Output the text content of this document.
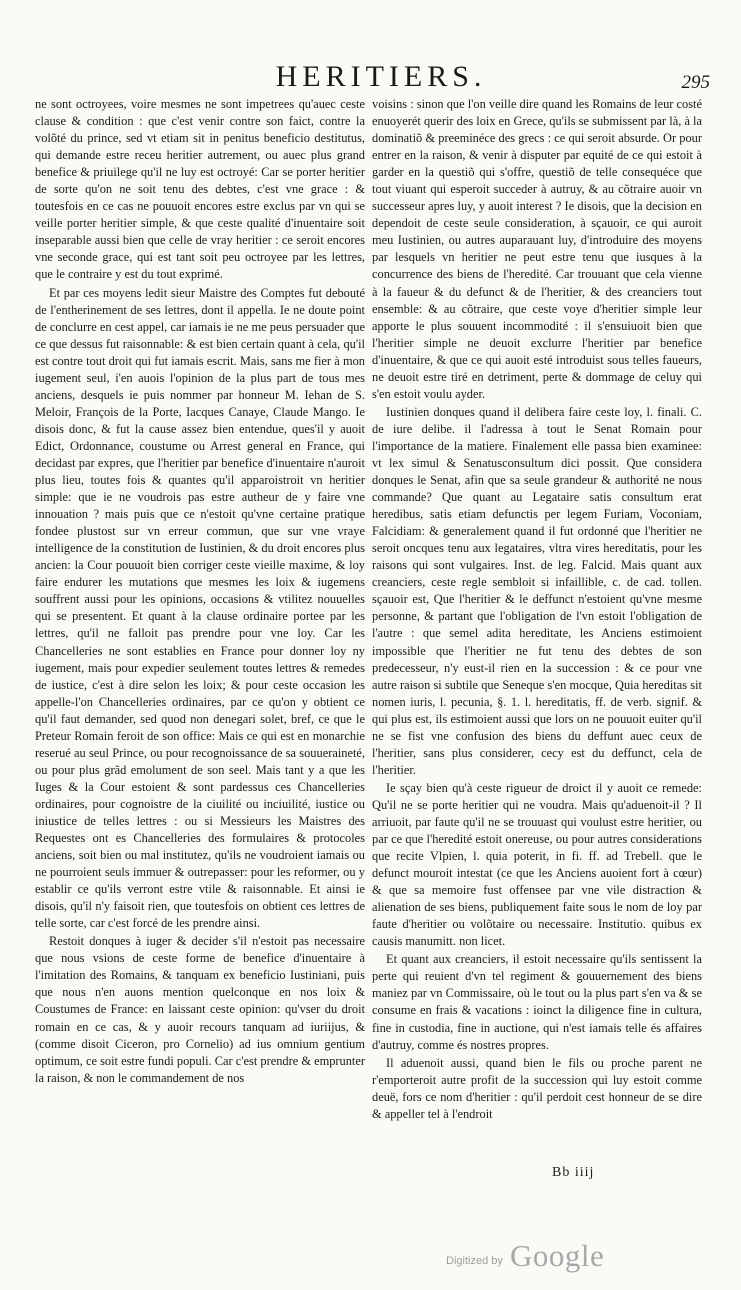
HERITIERS.	295

ne sont octroyees, voire mesmes ne sont impetrees qu'auec ceste clause & condition : que c'est venir contre son faict, contre la volõté du prince, sed vt etiam sit in penitus beneficio destitutus, qui demande estre receu heritier autrement, ou auec plus grand benefice & priuilege qu'il ne luy est octroyé: Car se porter heritier de sorte qu'on ne soit tenu des debtes, c'est vne grace : & toutesfois en ce cas ne pouuoit encores estre exclus par vn qui se veille porter heritier simple, & que ceste qualité d'inuentaire soit inseparable aussi bien que celle de vray heritier : ce seroit encores vne seconde grace, qui est tant soit peu octroyee par les lettres, que le contraire y est du tout exprimé.

Et par ces moyens ledit sieur Maistre des Comptes fut debouté de l'entherinement de ses lettres, dont il appella. Ie ne doute point de conclurre en cest appel, car iamais ie ne me peus persuader que ce que dessus fut raisonnable: & est bien certain quant à cela, qu'il est contre tout droit qui fut iamais escrit. Mais, sans me fier à mon iugement seul, i'en auois l'opinion de la plus part de tous mes anciens, desquels ie puis nommer par honneur M. Iehan de S. Meloir, François de la Porte, Iacques Canaye, Claude Mango. Ie disois donc, & fut la cause assez bien entendue, ques'il y auoit Edict, Ordonnance, coustume ou Arrest general en France, qui decidast par expres, que l'heritier par benefice d'inuentaire n'auroit plus lieu, toutes fois & quantes qu'il apparoistroit vn heritier simple: que ie ne voudrois pas estre autheur de y faire vne innouation ? mais puis que ce n'estoit qu'vne certaine pratique fondee plustost sur vn erreur commun, que sur vne vraye intelligence de la constitution de Iustinien, & du droit encores plus ancien: la Cour pouuoit bien corriger ceste vieille maxime, & loy faire endurer les mutations que mesmes les loix & iugemens souffrent aussi pour les opinions, occasions & vtilitez nouuelles qui se presentent. Et quant à la clause ordinaire portee par les lettres, qu'il ne falloit pas prendre pour vne loy. Car les Chancelleries ne sont establies en France pour donner loy ny iugement, mais pour expedier seulement toutes lettres & remedes de iustice, c'est à dire selon les loix; & pour ceste occasion les appelle-l'on Chancelleries ordinaires, par ce qu'on y obtient ce qu'il faut demander, sed quod non denegari solet, bref, ce que le Preteur Romain feroit de son office: Mais ce qui est en monarchie reserué au seul Prince, ou pour recognoissance de sa souueraineté, ou pour plus grãd emolument de son seel. Mais tant y a que les Iuges & la Cour estoient & sont pardessus ces Chancelleries ordinaires, pour cognoistre de la ciuilité ou inciuilité, iustice ou iniustice de telles lettres : ou si Messieurs les Maistres des Requestes ont es Chancelleries des formulaires & protocoles anciens, soit bien ou mal institutez, qu'ils ne voudroient iamais ou ne pourroient seuls immuer & outrepasser: pour les reformer, ou y establir ce qu'ils verront estre vtile & raisonnable. Et ainsi ie disois, qu'il n'y faisoit rien, que toutesfois on obtient ces lettres de telle sorte, car c'est forcé de les prendre ainsi.

Restoit donques à iuger & decider s'il n'estoit pas necessaire que nous vsions de ceste forme de benefice d'inuentaire à l'imitation des Romains, & tanquam ex beneficio Iustiniani, puis que nous n'en auons mention quelconque en nos loix & Coustumes de France: en laissant ceste opinion: qu'vser du droit romain en ce cas, & y auoir recours tanquam ad iuriijus, & (comme disoit Ciceron, pro Cornelio) ad ius omnium gentium optimum, ce soit estre fundi populi. Car c'est prendre & emprunter la raison, & non le commandement de nos

voisins : sinon que l'on veille dire quand les Romains de leur costé enuoyerét querir des loix en Grece, qu'ils se submissent par là, à la dominatiõ & preeminéce des grecs : ce qui seroit absurde. Or pour entrer en la raison, & venir à disputer par equité de ce qui estoit à garder en la questiõ qui s'offre, questiõ de telle consequéce que tout viuant qui esperoit succeder à autruy, & au cõtraire auoir vn successeur apres luy, y auoit interest ? Ie disois, que la decision en dependoit de ceste seule consideration, à sçauoir, ce qui auroit meu Iustinien, ou autres auparauant luy, d'introduire des moyens par lesquels vn heritier ne peut estre tenu que iusques à la concurrence des biens de l'heredité. Car trouuant que cela vienne à la faueur & du defunct & de l'heritier, & des creanciers tout ensemble: & au cõtraire, que ceste voye d'heritier simple leur apporte le plus souuent incommodité : il s'ensuiuoit bien que l'heritier simple ne deuoit exclurre l'heritier par benefice d'inuentaire, & que ce qui auoit esté introduist sous telles faueurs, ne deuoit estre tiré en detriment, perte & dommage de celuy qui s'en estoit voulu ayder.

Iustinien donques quand il delibera faire ceste loy, l. finali. C. de iure delibe. il l'adressa à tout le Senat Romain pour l'importance de la matiere. Finalement elle passa bien examinee: vt lex simul & Senatusconsultum dici possit. Que considera donques le Senat, afin que sa seule grandeur & authorité ne nous commande? Que quant au Legataire satis consultum erat heredibus, satis etiam defunctis per legem Furiam, Voconiam, Falcidiam: & generalement quand il fut ordonné que l'heritier ne seroit oncques tenu aux legataires, vltra vires hereditatis, pour les raisons qui sont vulgaires. Inst. de leg. Falcid. Mais quant aux creanciers, ceste regle sembloit si infaillible, c. de cad. tollen. sçauoir est, Que l'heritier & le deffunct n'estoient qu'vne mesme personne, & partant que l'obligation de l'vn estoit l'obligation de l'autre : que semel adita hereditate, les Anciens estimoient impossible que l'heritier ne fut tenu des debtes de son predecesseur, n'y eust-il rien en la succession : & ce pour vne autre raison si subtile que Seneque s'en mocque, Quia hereditas sit nomen iuris, l. pecunia, §. 1. l. hereditatis, ff. de verb. signif. & qui plus est, ils estimoient aussi que lors on ne pouuoit euiter qu'il ne se fist vne confusion des biens du deffunt auec ceux de l'heritier, sans plus considerer, cecy est du deffunct, cela de l'heritier.

Ie sçay bien qu'à ceste rigueur de droict il y auoit ce remede: Qu'il ne se porte heritier qui ne voudra. Mais qu'aduenoit-il ? Il arriuoit, par faute qu'il ne se trouuast qui voulust estre heritier, ou par ce que l'heredité estoit onereuse, ou pour autres considerations que recite Vlpien, l. quia poterit, in fi. ff. ad Trebell. que le defunct mouroit intestat (ce que les Anciens auoient fort à cœur) & que sa memoire fust offensee par vne vile distraction & alienation de ses biens, publiquement faite sous le nom de loy par faute d'heritier ou volõtaire ou necessaire. Institutio. quibus ex causis manumitt. non licet.

Et quant aux creanciers, il estoit necessaire qu'ils sentissent la perte qui reuient d'vn tel regiment & gouuernement des biens maniez par vn Commissaire, où le tout ou la plus part s'en va & se consume en frais & vacations : ioinct la diligence fine in cultura, fine in custodia, fine in auctione, qui n'est iamais telle és affaires d'autruy, comme és nostres propres.

Il aduenoit aussi, quand bien le fils ou proche parent ne r'emporteroit autre profit de la succession qui luy estoit comme deuë, fors ce nom d'heritier : qu'il perdoit cest honneur de se dire & appeller tel à l'endroit

Bb iiij
Digitized by Google
